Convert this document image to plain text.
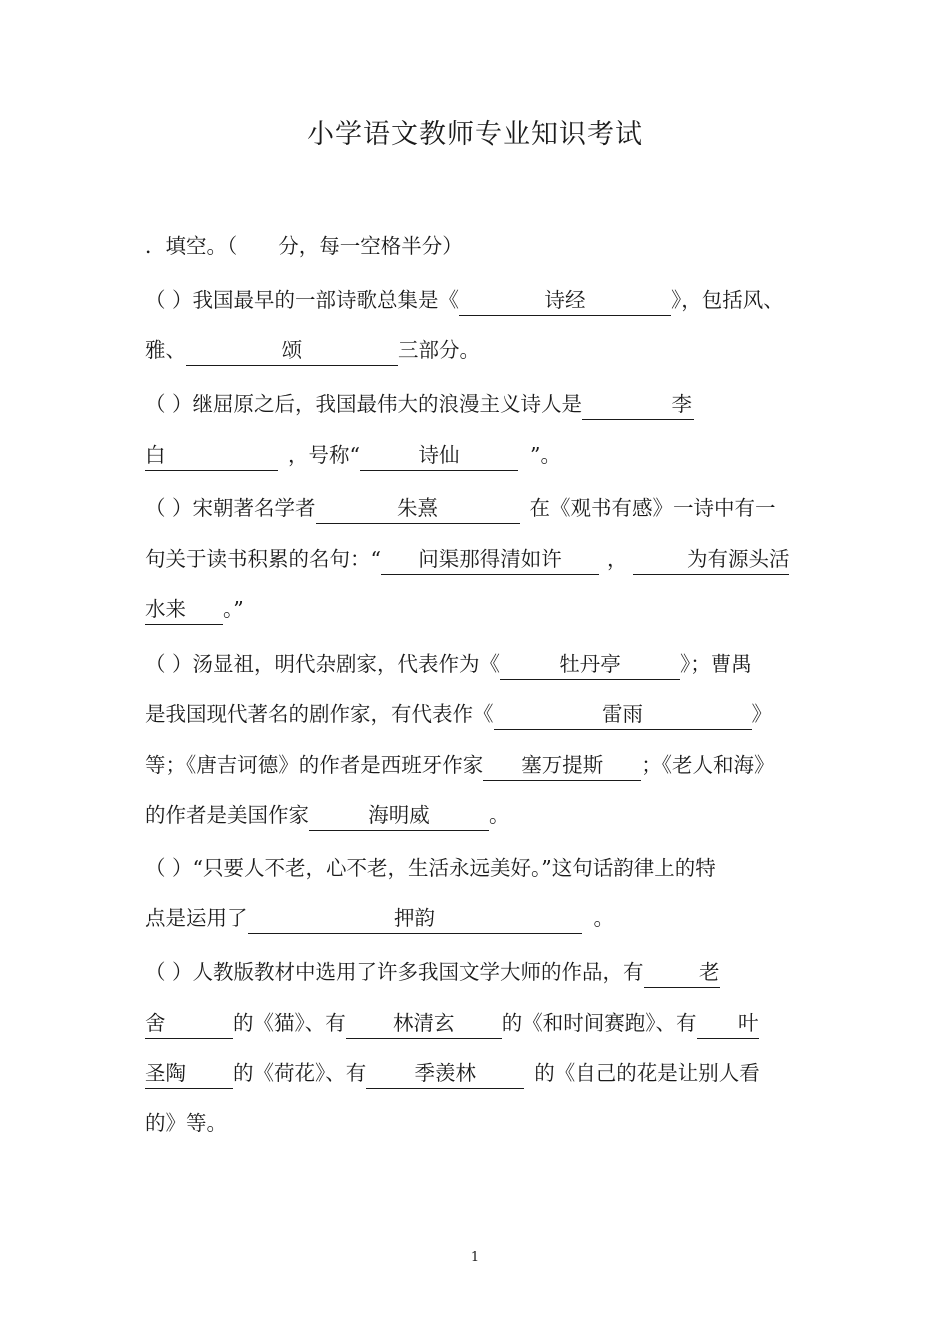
小学语文教师专业知识考试
．填空。（　　分，每一空格半分）
（ ）我国最早的一部诗歌总集是《	诗经	》，包括风、
雅、	颂	三部分。
（ ）继屈原之后，我国最伟大的浪漫主义诗人是	李
白	，号称“	诗仙	”。
（ ）宋朝著名学者	朱熹	在《观书有感》一诗中有一
句关于读书积累的名句：“ 问渠那得清如许 ，	为有源头活
水来 。”
（ ）汤显祖，明代杂剧家，代表作为《	牡丹亭	》；曹禺
是我国现代著名的剧作家，有代表作《	雷雨	》
等；《唐吉诃德》的作者是西班牙作家 塞万提斯 ；《老人和海》
的作者是美国作家	海明威	。
（ ）“只要人不老，心不老，生活永远美好。”这句话韵律上的特
点是运用了	押韵	。
（ ）人教版教材中选用了许多我国文学大师的作品，有	老
舍	的《猫》、有 林清玄 的《和时间赛跑》、有 叶
圣陶 的《荷花》、有 季羡林	的《自己的花是让别人看
的》等。
1
